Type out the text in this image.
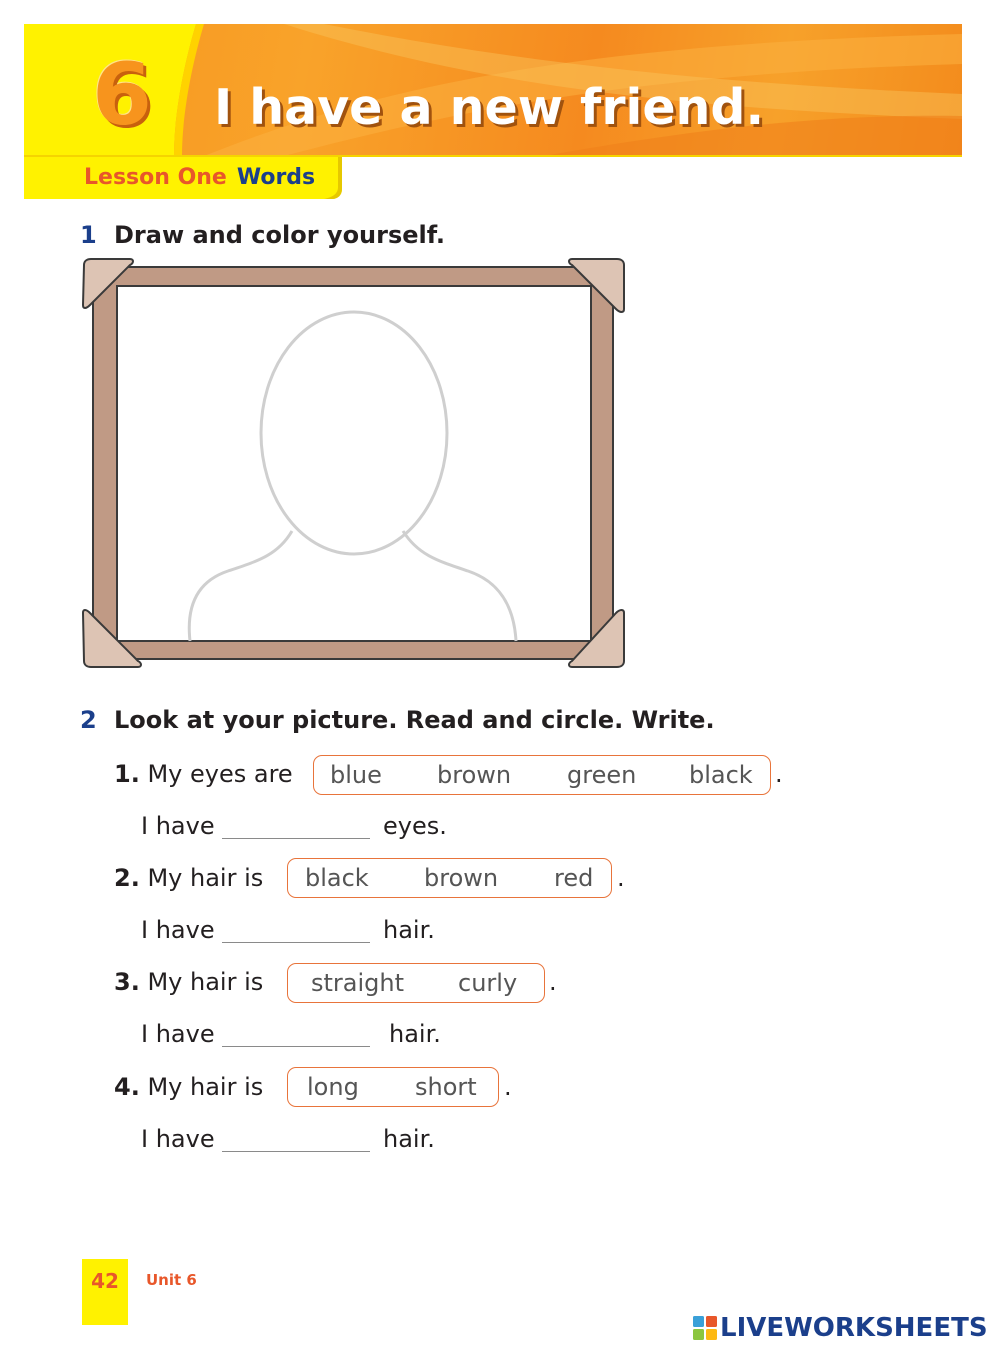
6 I have a new friend.
Lesson One Words
1 Draw and color yourself.
2 Look at your picture. Read and circle. Write.
1. My eyes are blue brown green black .
I have	eyes.
2. My hair is black brown red .
I have	hair.
3. My hair is straight curly .
I have	hair.
4. My hair is long short .
I have	hair.
42	Unit 6
LIVEWORKSHEETS
